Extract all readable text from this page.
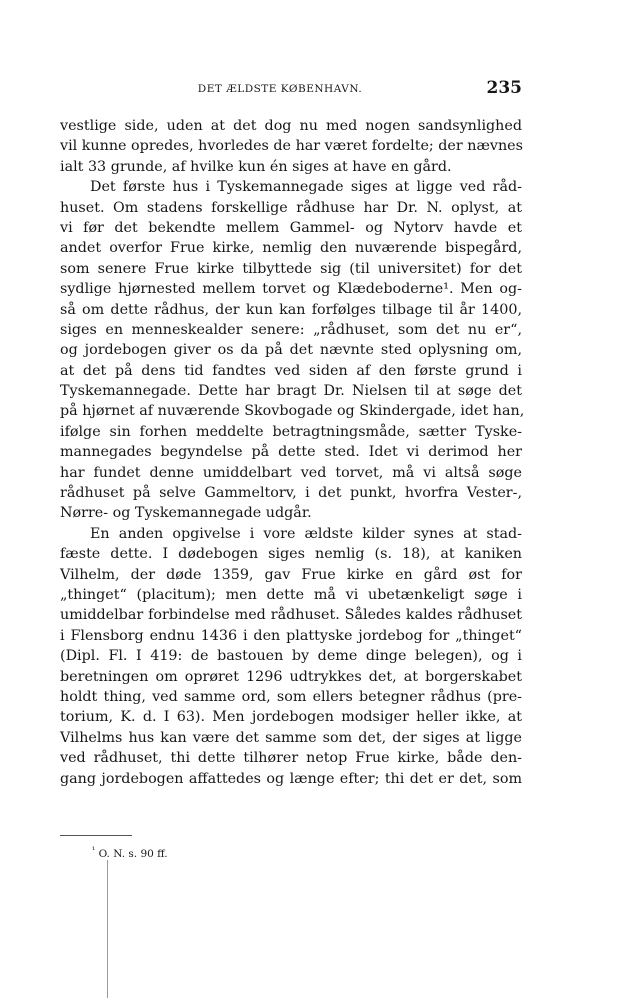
DET ÆLDSTE KØBENHAVN.	235
vestlige side, uden at det dog nu med nogen sandsynlighed
vil kunne opredes, hvorledes de har været fordelte; der nævnes
ialt 33 grunde, af hvilke kun én siges at have en gård.
Det første hus i Tyskemannegade siges at ligge ved råd-
huset. Om stadens forskellige rådhuse har Dr. N. oplyst, at
vi før det bekendte mellem Gammel- og Nytorv havde et
andet overfor Frue kirke, nemlig den nuværende bispegård,
som senere Frue kirke tilbyttede sig (til universitet) for det
sydlige hjørnested mellem torvet og Klædeboderne¹. Men og-
så om dette rådhus, der kun kan forfølges tilbage til år 1400,
siges en menneskealder senere: „rådhuset, som det nu er“,
og jordebogen giver os da på det nævnte sted oplysning om,
at det på dens tid fandtes ved siden af den første grund i
Tyskemannegade. Dette har bragt Dr. Nielsen til at søge det
på hjørnet af nuværende Skovbogade og Skindergade, idet han,
ifølge sin forhen meddelte betragtningsmåde, sætter Tyske-
mannegades begyndelse på dette sted. Idet vi derimod her
har fundet denne umiddelbart ved torvet, må vi altså søge
rådhuset på selve Gammeltorv, i det punkt, hvorfra Vester-,
Nørre- og Tyskemannegade udgår.
En anden opgivelse i vore ældste kilder synes at stad-
fæste dette. I dødebogen siges nemlig (s. 18), at kaniken
Vilhelm, der døde 1359, gav Frue kirke en gård øst for
„thinget“ (placitum); men dette må vi ubetænkeligt søge i
umiddelbar forbindelse med rådhuset. Således kaldes rådhuset
i Flensborg endnu 1436 i den plattyske jordebog for „thinget“
(Dipl. Fl. I 419: de bastouen by deme dinge belegen), og i
beretningen om oprøret 1296 udtrykkes det, at borgerskabet
holdt thing, ved samme ord, som ellers betegner rådhus (pre-
torium, K. d. I 63). Men jordebogen modsiger heller ikke, at
Vilhelms hus kan være det samme som det, der siges at ligge
ved rådhuset, thi dette tilhører netop Frue kirke, både den-
gang jordebogen affattedes og længe efter; thi det er det, som
$^{^1}$ O. N. s. 90 ff.
